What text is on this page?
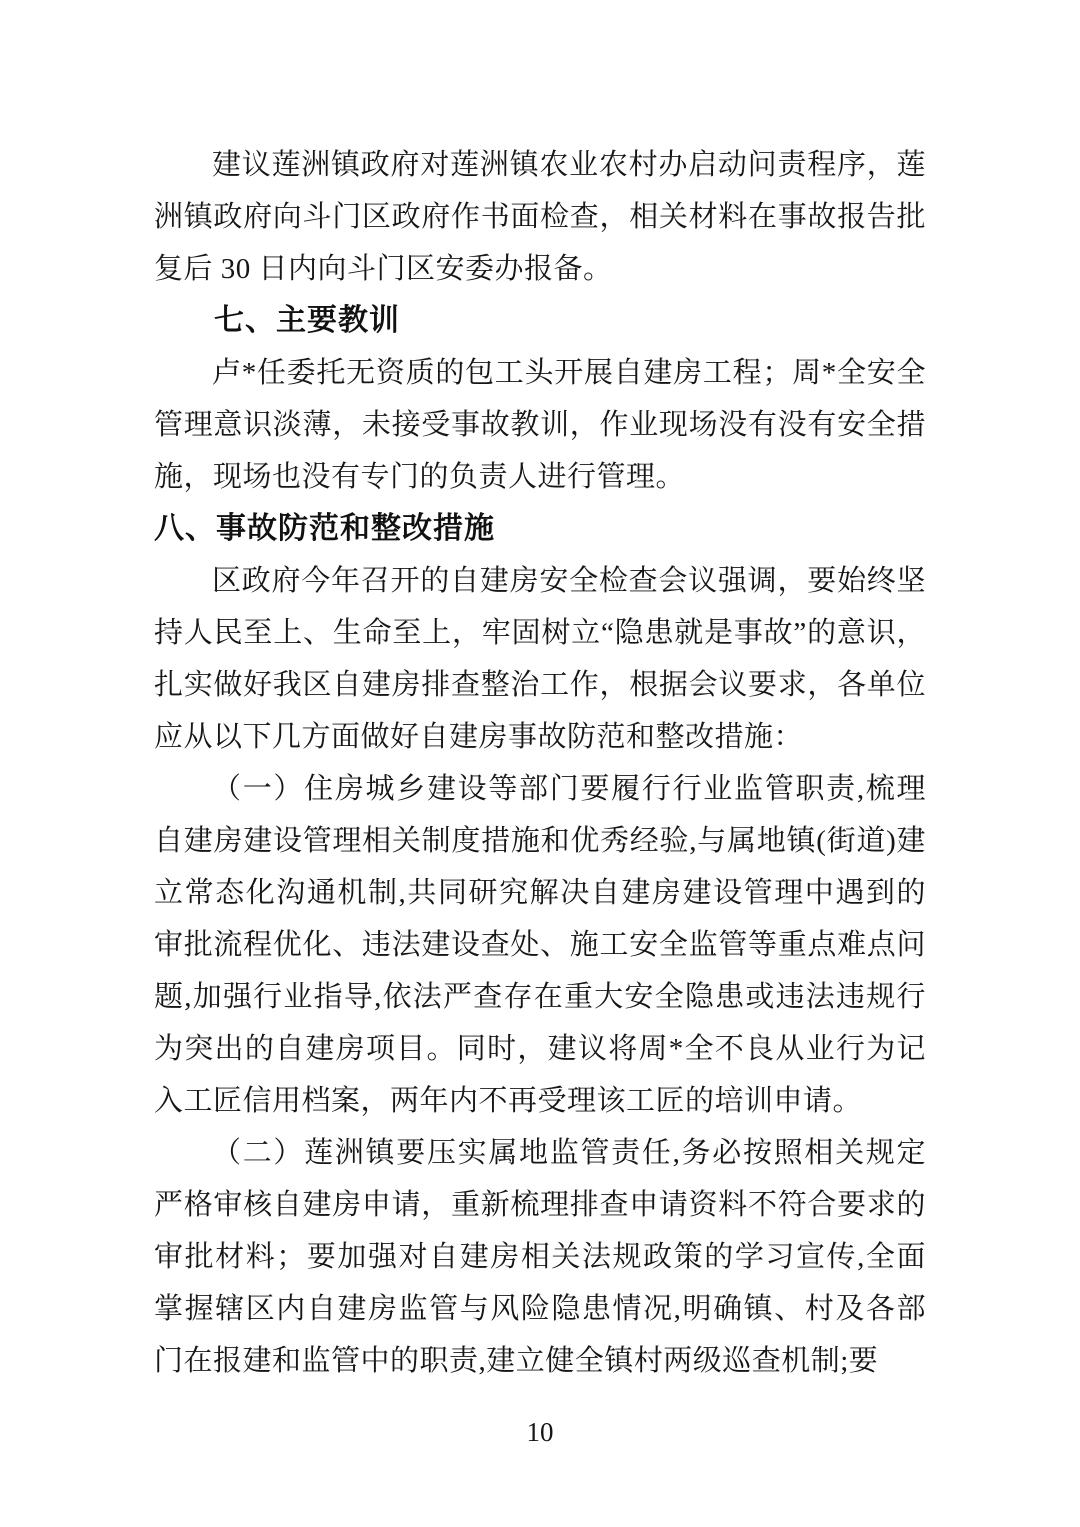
建议莲洲镇政府对莲洲镇农业农村办启动问责程序，莲洲镇政府向斗门区政府作书面检查，相关材料在事故报告批复后 30 日内向斗门区安委办报备。

七、主要教训

卢*任委托无资质的包工头开展自建房工程；周*全安全管理意识淡薄，未接受事故教训，作业现场没有没有安全措施，现场也没有专门的负责人进行管理。

八、事故防范和整改措施

区政府今年召开的自建房安全检查会议强调，要始终坚持人民至上、生命至上，牢固树立“隐患就是事故”的意识，扎实做好我区自建房排查整治工作，根据会议要求，各单位应从以下几方面做好自建房事故防范和整改措施：

（一）住房城乡建设等部门要履行行业监管职责,梳理自建房建设管理相关制度措施和优秀经验,与属地镇(街道)建立常态化沟通机制,共同研究解决自建房建设管理中遇到的审批流程优化、违法建设查处、施工安全监管等重点难点问题,加强行业指导,依法严查存在重大安全隐患或违法违规行为突出的自建房项目。同时，建议将周*全不良从业行为记入工匠信用档案，两年内不再受理该工匠的培训申请。

（二）莲洲镇要压实属地监管责任,务必按照相关规定严格审核自建房申请，重新梳理排查申请资料不符合要求的审批材料；要加强对自建房相关法规政策的学习宣传,全面掌握辖区内自建房监管与风险隐患情况,明确镇、村及各部门在报建和监管中的职责,建立健全镇村两级巡查机制;要

10
